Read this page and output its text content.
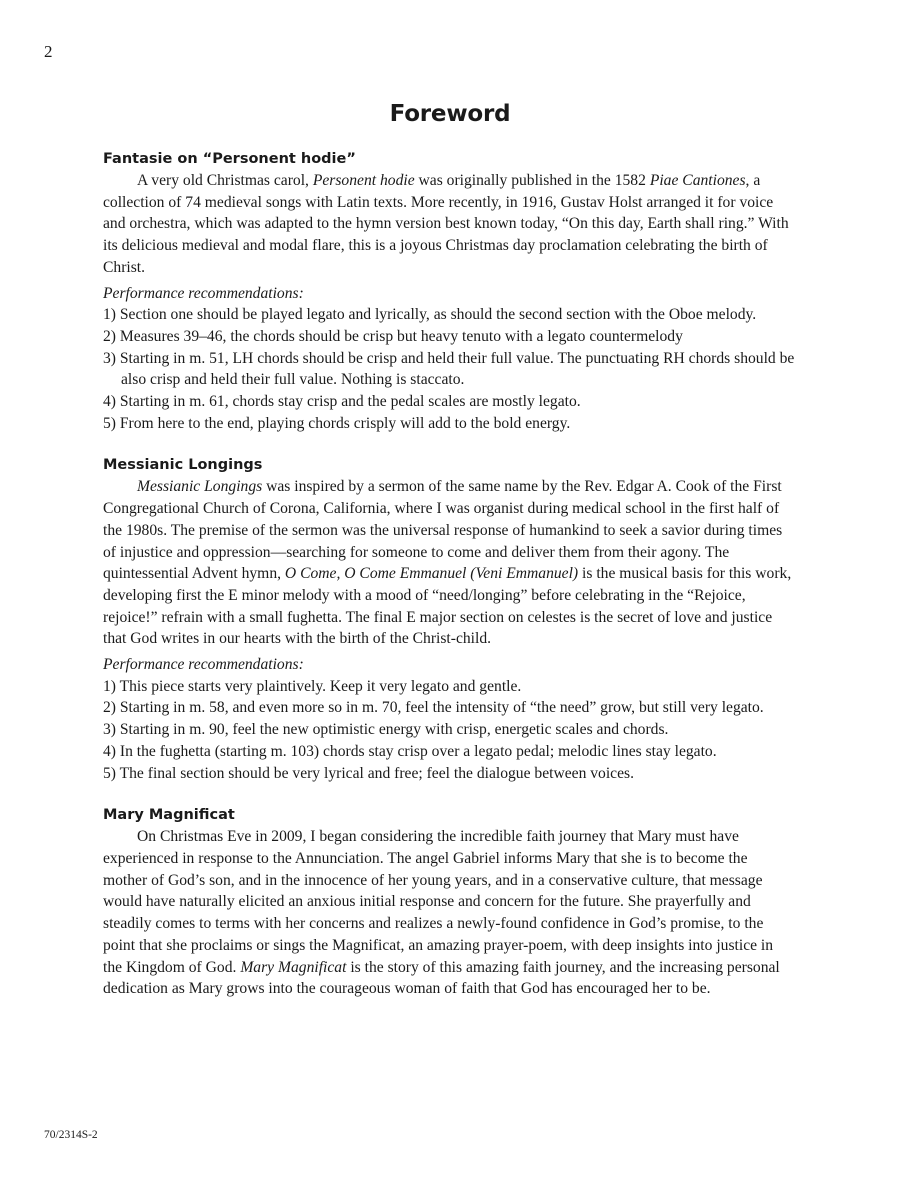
2
Foreword
Fantasie on “Personent hodie”

A very old Christmas carol, Personent hodie was originally published in the 1582 Piae Cantiones, a collection of 74 medieval songs with Latin texts. More recently, in 1916, Gustav Holst arranged it for voice and orchestra, which was adapted to the hymn version best known today, “On this day, Earth shall ring.” With its delicious medieval and modal flare, this is a joyous Christmas day proclamation celebrating the birth of Christ.

Performance recommendations:

1) Section one should be played legato and lyrically, as should the second section with the Oboe melody.
2) Measures 39–46, the chords should be crisp but heavy tenuto with a legato countermelody
3) Starting in m. 51, LH chords should be crisp and held their full value. The punctuating RH chords should be also crisp and held their full value. Nothing is staccato.
4) Starting in m. 61, chords stay crisp and the pedal scales are mostly legato.
5) From here to the end, playing chords crisply will add to the bold energy.
Messianic Longings

Messianic Longings was inspired by a sermon of the same name by the Rev. Edgar A. Cook of the First Congregational Church of Corona, California, where I was organist during medical school in the first half of the 1980s. The premise of the sermon was the universal response of humankind to seek a savior during times of injustice and oppression—searching for someone to come and deliver them from their agony. The quintessential Advent hymn, O Come, O Come Emmanuel (Veni Emmanuel) is the musical basis for this work, developing first the E minor melody with a mood of “need/longing” before celebrating in the “Rejoice, rejoice!” refrain with a small fughetta. The final E major section on celestes is the secret of love and justice that God writes in our hearts with the birth of the Christ-child.

Performance recommendations:

1) This piece starts very plaintively. Keep it very legato and gentle.
2) Starting in m. 58, and even more so in m. 70, feel the intensity of “the need” grow, but still very legato.
3) Starting in m. 90, feel the new optimistic energy with crisp, energetic scales and chords.
4) In the fughetta (starting m. 103) chords stay crisp over a legato pedal; melodic lines stay legato.
5) The final section should be very lyrical and free; feel the dialogue between voices.
Mary Magnificat

On Christmas Eve in 2009, I began considering the incredible faith journey that Mary must have experienced in response to the Annunciation. The angel Gabriel informs Mary that she is to become the mother of God’s son, and in the innocence of her young years, and in a conservative culture, that message would have naturally elicited an anxious initial response and concern for the future. She prayerfully and steadily comes to terms with her concerns and realizes a newly-found confidence in God’s promise, to the point that she proclaims or sings the Magnificat, an amazing prayer-poem, with deep insights into justice in the Kingdom of God. Mary Magnificat is the story of this amazing faith journey, and the increasing personal dedication as Mary grows into the courageous woman of faith that God has encouraged her to be.

70/2314S-2
